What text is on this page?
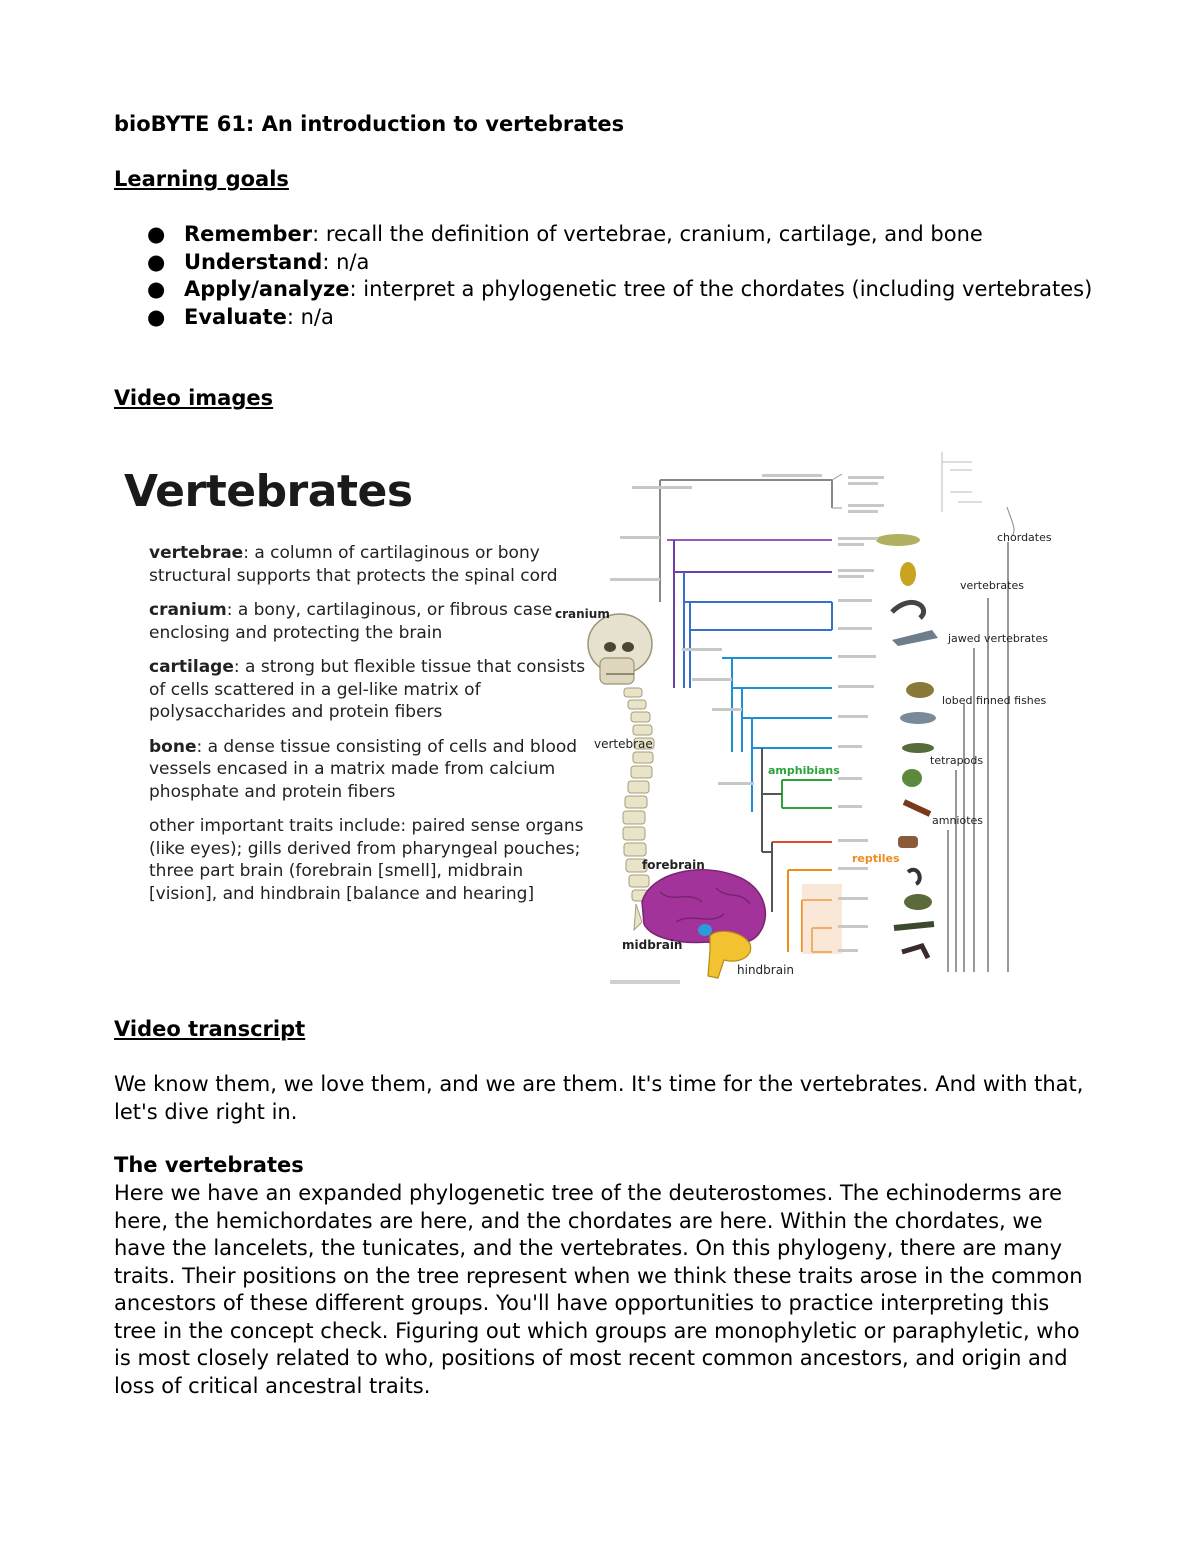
bioBYTE 61: An introduction to vertebrates
Learning goals
● Remember: recall the definition of vertebrae, cranium, cartilage, and bone
● Understand: n/a
● Apply/analyze: interpret a phylogenetic tree of the chordates (including vertebrates)
● Evaluate: n/a
Video images
cranium
vertebrae
forebrain
midbrain
hindbrain
chordates
vertebrates
jawed vertebrates
lobed finned fishes
tetrapods
amniotes
amphibians
reptiles
Vertebrates

vertebrae: a column of cartilaginous or bony structural supports that protects the spinal cord

cranium: a bony, cartilaginous, or fibrous case enclosing and protecting the brain

cartilage: a strong but flexible tissue that consists of cells scattered in a gel-like matrix of polysaccharides and protein fibers

bone: a dense tissue consisting of cells and blood vessels encased in a matrix made from calcium phosphate and protein fibers

other important traits include: paired sense organs (like eyes); gills derived from pharyngeal pouches; three part brain (forebrain [smell], midbrain [vision], and hindbrain [balance and hearing]

Video transcript

We know them, we love them, and we are them. It's time for the vertebrates. And with that, let's dive right in.

The vertebrates

Here we have an expanded phylogenetic tree of the deuterostomes. The echinoderms are here, the hemichordates are here, and the chordates are here. Within the chordates, we have the lancelets, the tunicates, and the vertebrates. On this phylogeny, there are many traits. Their positions on the tree represent when we think these traits arose in the common ancestors of these different groups. You'll have opportunities to practice interpreting this tree in the concept check. Figuring out which groups are monophyletic or paraphyletic, who is most closely related to who, positions of most recent common ancestors, and origin and loss of critical ancestral traits.
